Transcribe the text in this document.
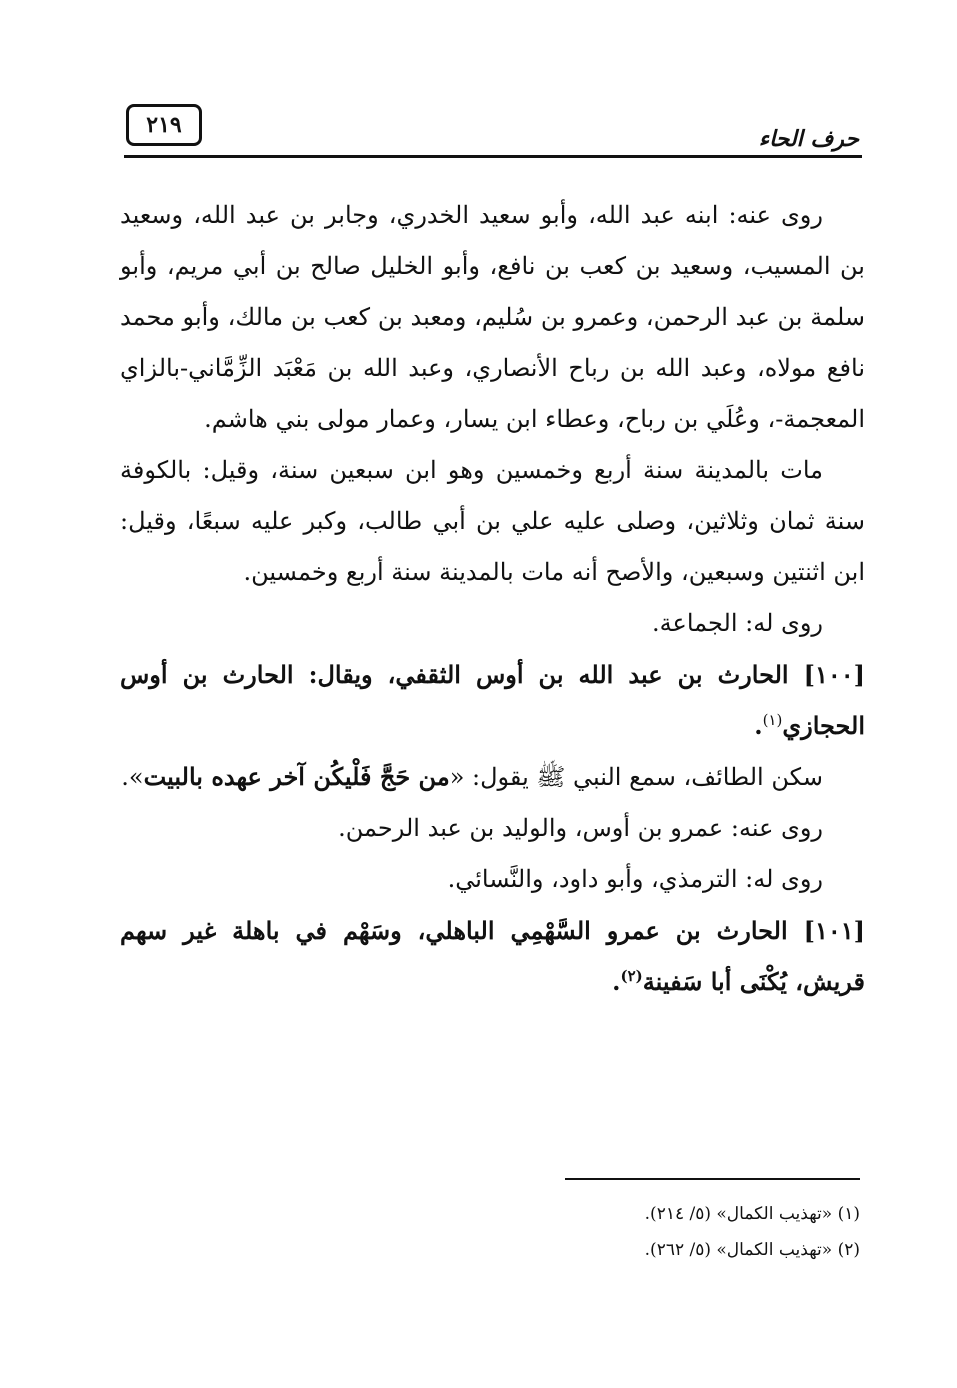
٢١٩
حرف الحاء

روى عنه: ابنه عبد الله، وأبو سعيد الخدري، وجابر بن عبد الله، وسعيد بن المسيب، وسعيد بن كعب بن نافع، وأبو الخليل صالح بن أبي مريم، وأبو سلمة بن عبد الرحمن، وعمرو بن سُليم، ومعبد بن كعب بن مالك، وأبو محمد نافع مولاه، وعبد الله بن رباح الأنصاري، وعبد الله بن مَعْبَد الزِّمَّاني-بالزاي المعجمة-، وعُلَي بن رباح، وعطاء ابن يسار، وعمار مولى بني هاشم.

مات بالمدينة سنة أربع وخمسين وهو ابن سبعين سنة، وقيل: بالكوفة سنة ثمان وثلاثين، وصلى عليه علي بن أبي طالب، وكبر عليه سبعًا، وقيل: ابن اثنتين وسبعين، والأصح أنه مات بالمدينة سنة أربع وخمسين.

روى له: الجماعة.

[١٠٠] الحارث بن عبد الله بن أوس الثقفي، ويقال: الحارث بن أوس الحجازي$^{(١)}$.

سكن الطائف، سمع النبي ﷺ يقول: «من حَجَّ فَلْيكُن آخر عهده بالبيت».

روى عنه: عمرو بن أوس، والوليد بن عبد الرحمن.

روى له: الترمذي، وأبو داود، والنَّسائي.

[١٠١] الحارث بن عمرو السَّهْمِي الباهلي، وسَهْم في باهلة غير سهم قريش، يُكْنَى أبا سَفينة$^{(٢)}$.

(١) «تهذيب الكمال» (٥/ ٢١٤).

(٢) «تهذيب الكمال» (٥/ ٢٦٢).
